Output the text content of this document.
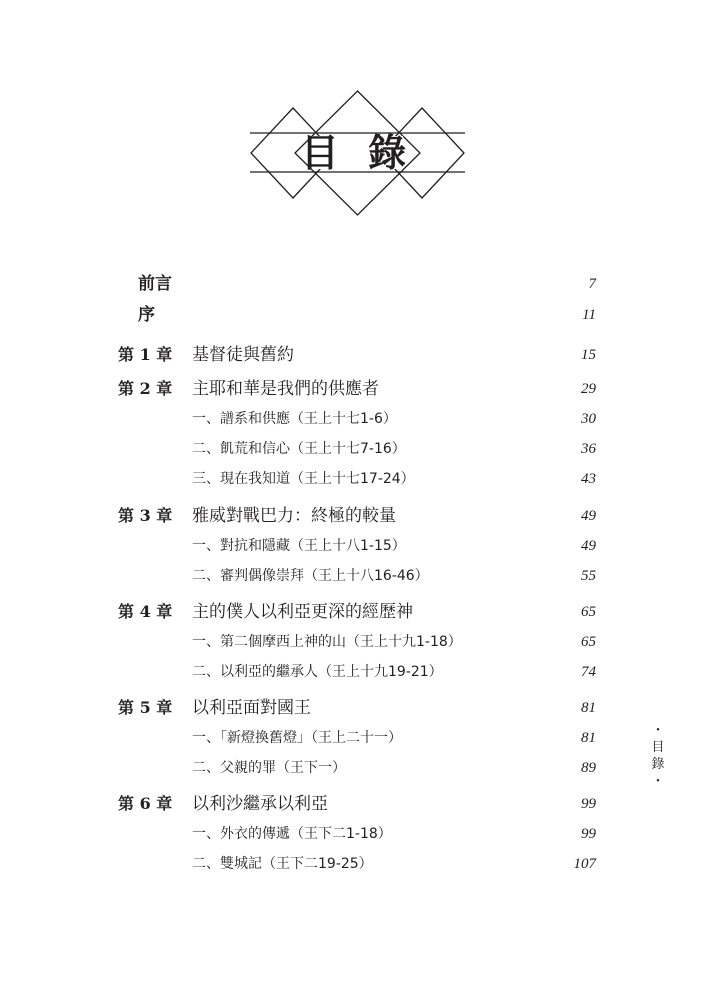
目 錄
前言	7
序	11
第 1 章 基督徒與舊約	15
第 2 章 主耶和華是我們的供應者	29
一、譜系和供應（王上十七1-6）	30
二、飢荒和信心（王上十七7-16）	36
三、現在我知道（王上十七17-24）	43
第 3 章 雅威對戰巴力：終極的較量	49
一、對抗和隱藏（王上十八1-15）	49
二、審判偶像崇拜（王上十八16-46）	55
第 4 章 主的僕人以利亞更深的經歷神	65
一、第二個摩西上神的山（王上十九1-18）	65
二、以利亞的繼承人（王上十九19-21）	74
第 5 章 以利亞面對國王	81
一、「新燈換舊燈」（王上二十一）	81
二、父親的罪（王下一）	89
第 6 章 以利沙繼承以利亞	99
一、外衣的傳遞（王下二1-18）	99
二、雙城記（王下二19-25）	107
・
目
錄
・
